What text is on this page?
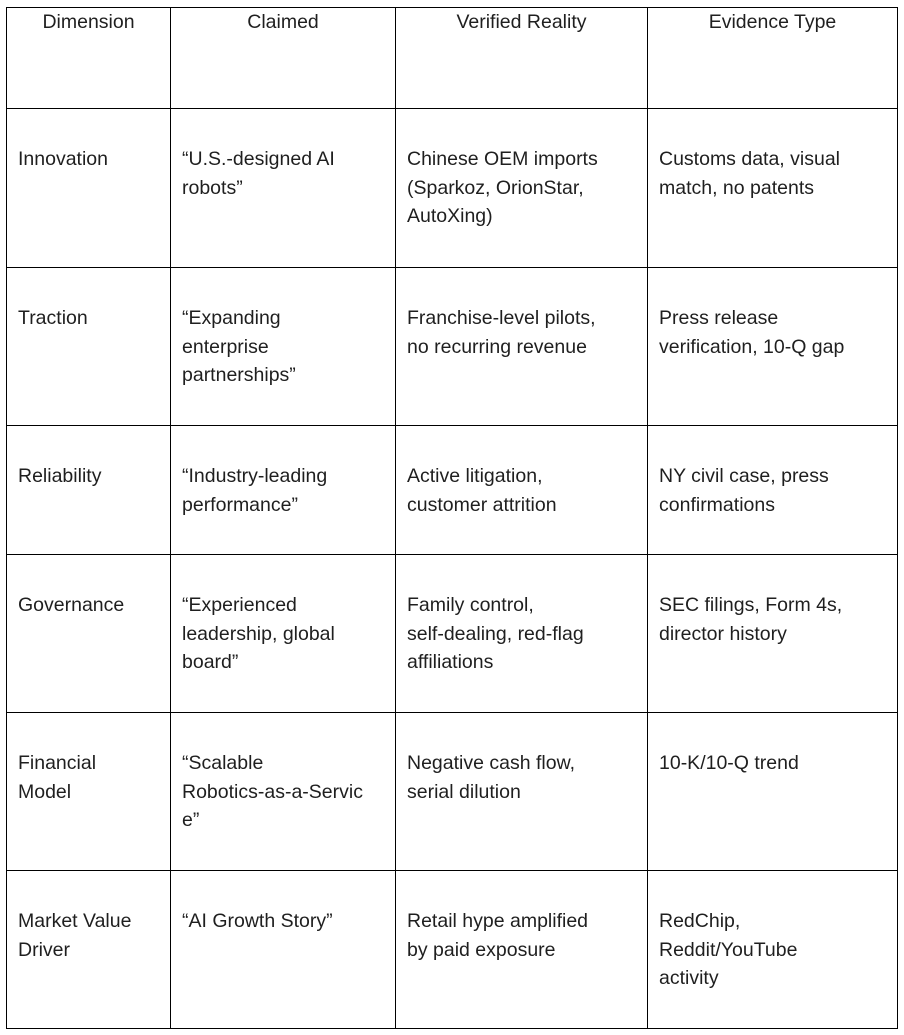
Dimension	Claimed	Verified Reality	Evidence Type

Innovation	“U.S.-designed AI
robots”	Chinese OEM imports
(Sparkoz, OrionStar,
AutoXing)	Customs data, visual
match, no patents

Traction	“Expanding
enterprise
partnerships”	Franchise-level pilots,
no recurring revenue	Press release
verification, 10-Q gap

Reliability	“Industry-leading
performance”	Active litigation,
customer attrition	NY civil case, press
confirmations

Governance	“Experienced
leadership, global
board”	Family control,
self-dealing, red-flag
affiliations	SEC filings, Form 4s,
director history

Financial
Model	“Scalable
Robotics-as-a-Servic
e”	Negative cash flow,
serial dilution	10-K/10-Q trend

Market Value
Driver	“AI Growth Story”	Retail hype amplified
by paid exposure	RedChip,
Reddit/YouTube
activity
